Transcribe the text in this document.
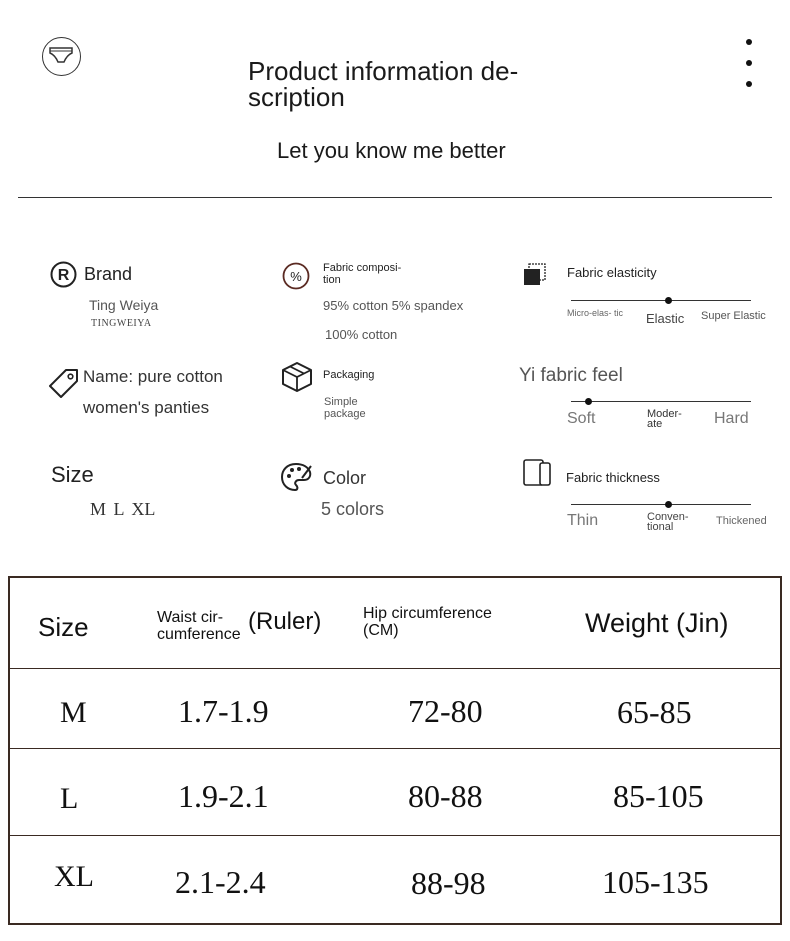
Product information de- scription
Let you know me better
R Brand
Ting Weiya
TINGWEIYA
%
Fabric composi- tion
95% cotton 5% spandex
100% cotton
Fabric elasticity
Micro-elas- tic Elastic Super Elastic
Name: pure cotton
women's panties
Packaging
Simple package
Yi fabric feel
Soft	Moder- ate	Hard
Size
M L XL
Color
5 colors
Fabric thickness
Thin	Conven- tional	Thickened
Size	Waist cir- cumference (Ruler)	Hip circumference (CM)	Weight (Jin)
M	1.7-1.9	72-80	65-85
L	1.9-2.1	80-88	85-105
XL	2.1-2.4	88-98	105-135
